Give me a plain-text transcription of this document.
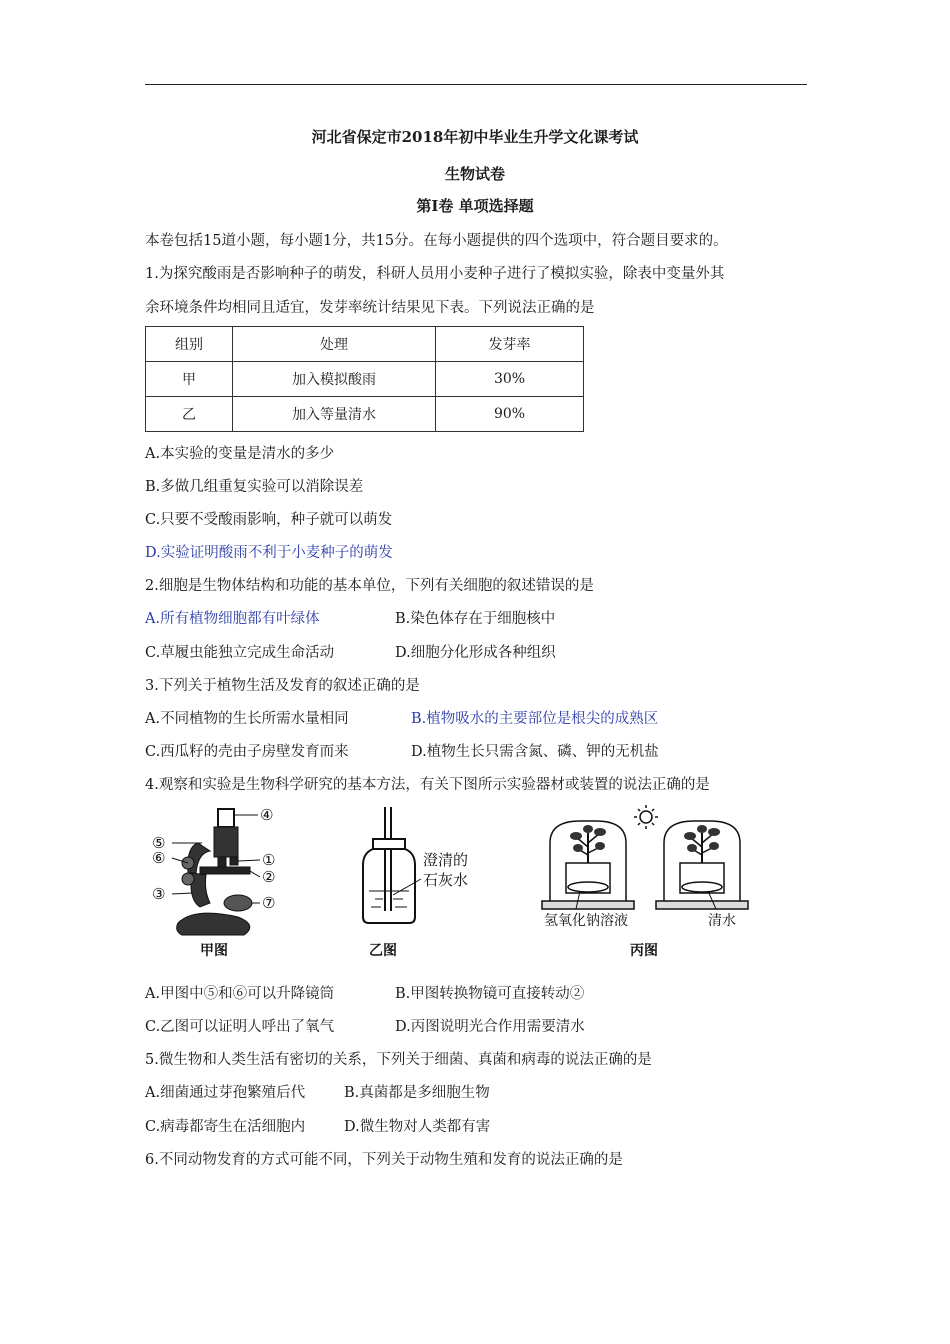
河北省保定市2018年初中毕业生升学文化课考试
生物试卷
第Ⅰ卷 单项选择题
本卷包括15道小题，每小题1分，共15分。在每小题提供的四个选项中，符合题目要求的。
1.为探究酸雨是否影响种子的萌发，科研人员用小麦种子进行了模拟实验，除表中变量外其
余环境条件均相同且适宜，发芽率统计结果见下表。下列说法正确的是
组别	处理	发芽率
甲	加入模拟酸雨	30%
乙	加入等量清水	90%
A.本实验的变量是清水的多少
B.多做几组重复实验可以消除误差
C.只要不受酸雨影响，种子就可以萌发
D.实验证明酸雨不利于小麦种子的萌发
2.细胞是生物体结构和功能的基本单位，下列有关细胞的叙述错误的是
A.所有植物细胞都有叶绿体	B.染色体存在于细胞核中
C.草履虫能独立完成生命活动	D.细胞分化形成各种组织
3.下列关于植物生活及发育的叙述正确的是
A.不同植物的生长所需水量相同	B.植物吸水的主要部位是根尖的成熟区
C.西瓜籽的壳由子房壁发育而来	D.植物生长只需含氮、磷、钾的无机盐
4.观察和实验是生物科学研究的基本方法，有关下图所示实验器材或装置的说法正确的是
④
⑤
⑥	①
②
③	⑦
甲图
澄清的
石灰水
乙图
氢氧化钠溶液	清水
丙图
A.甲图中⑤和⑥可以升降镜筒	B.甲图转换物镜可直接转动②
C.乙图可以证明人呼出了氧气	D.丙图说明光合作用需要清水
5.微生物和人类生活有密切的关系，下列关于细菌、真菌和病毒的说法正确的是
A.细菌通过芽孢繁殖后代	B.真菌都是多细胞生物
C.病毒都寄生在活细胞内	D.微生物对人类都有害
6.不同动物发育的方式可能不同，下列关于动物生殖和发育的说法正确的是
